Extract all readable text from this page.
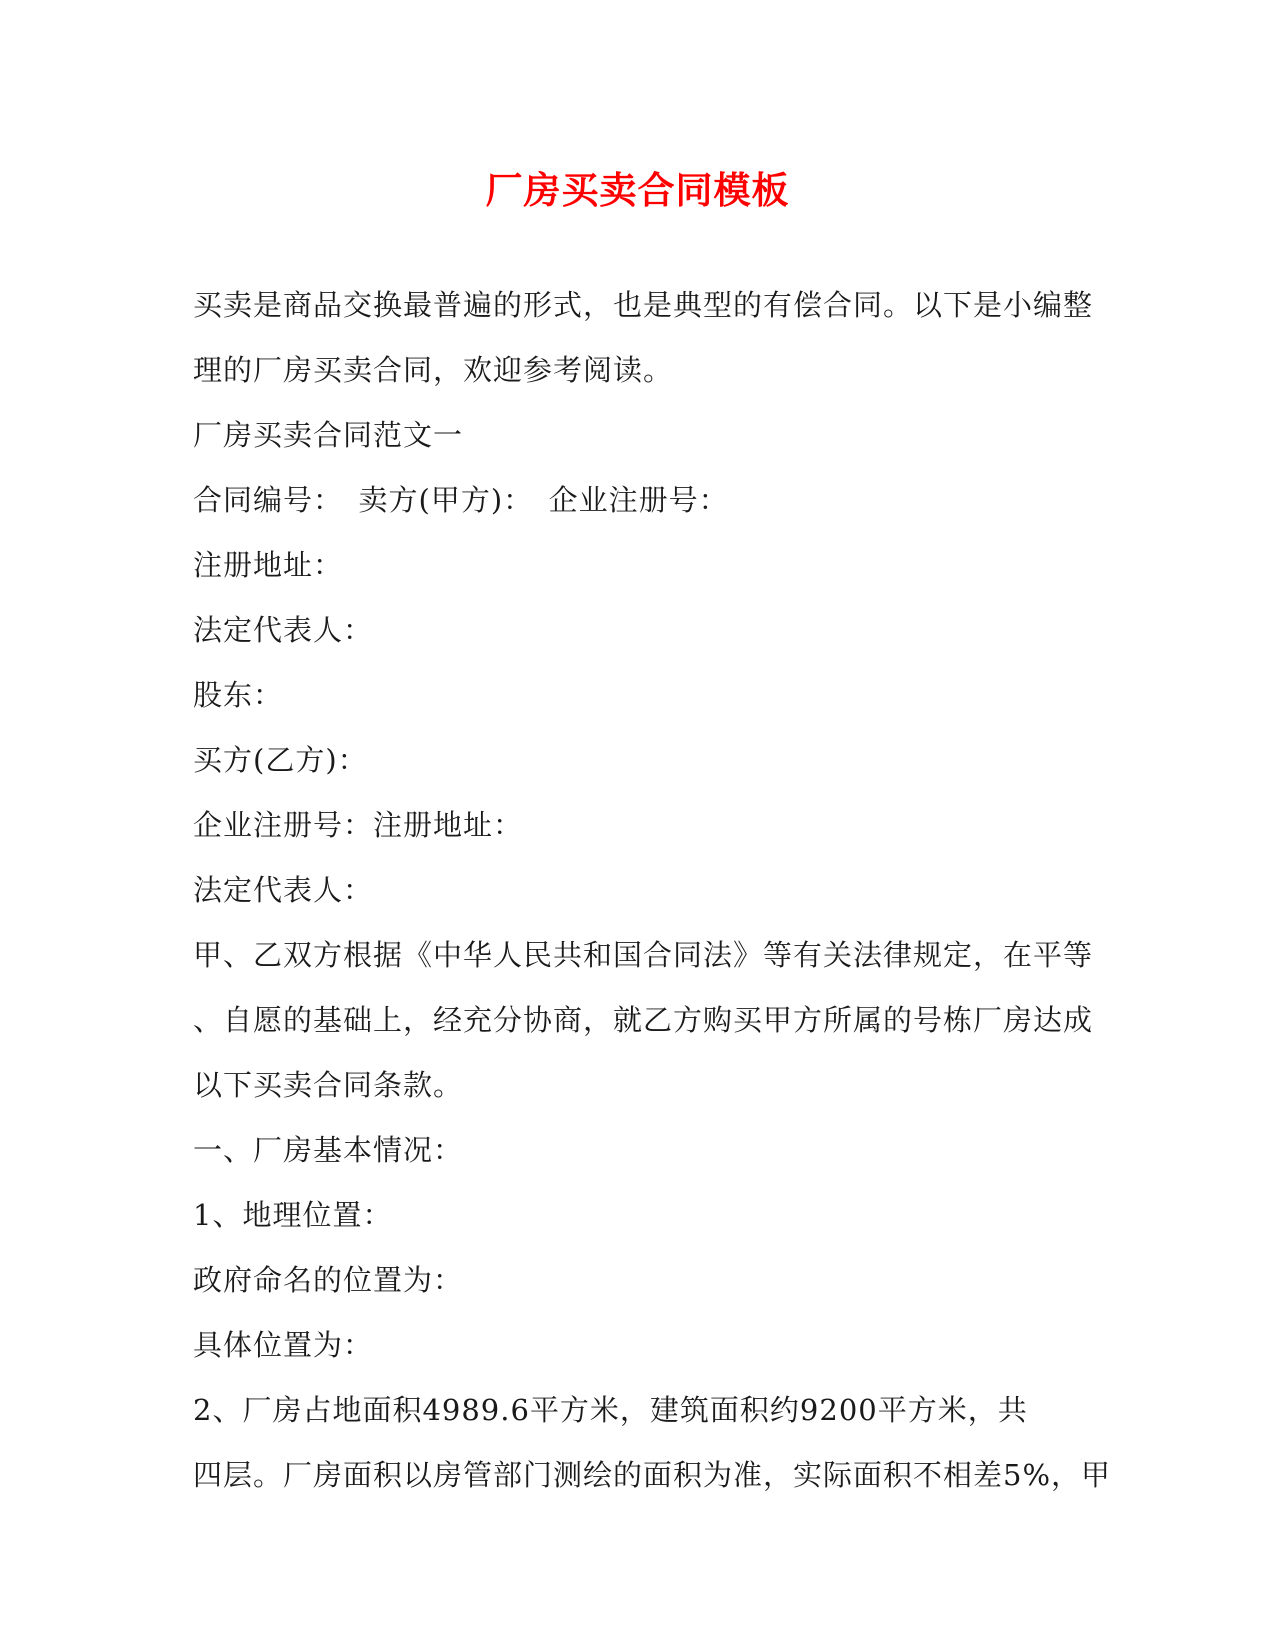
厂房买卖合同模板
买卖是商品交换最普遍的形式，也是典型的有偿合同。以下是小编整
理的厂房买卖合同，欢迎参考阅读。
厂房买卖合同范文一
合同编号：　卖方(甲方)：　企业注册号：
注册地址：
法定代表人：
股东：
买方(乙方)：
企业注册号：注册地址：
法定代表人：
甲、乙双方根据《中华人民共和国合同法》等有关法律规定，在平等
、自愿的基础上，经充分协商，就乙方购买甲方所属的号栋厂房达成
以下买卖合同条款。
一、厂房基本情况：
1、地理位置：
政府命名的位置为：
具体位置为：
2、厂房占地面积4989.6平方米，建筑面积约9200平方米，共
四层。厂房面积以房管部门测绘的面积为准，实际面积不相差5%，甲
